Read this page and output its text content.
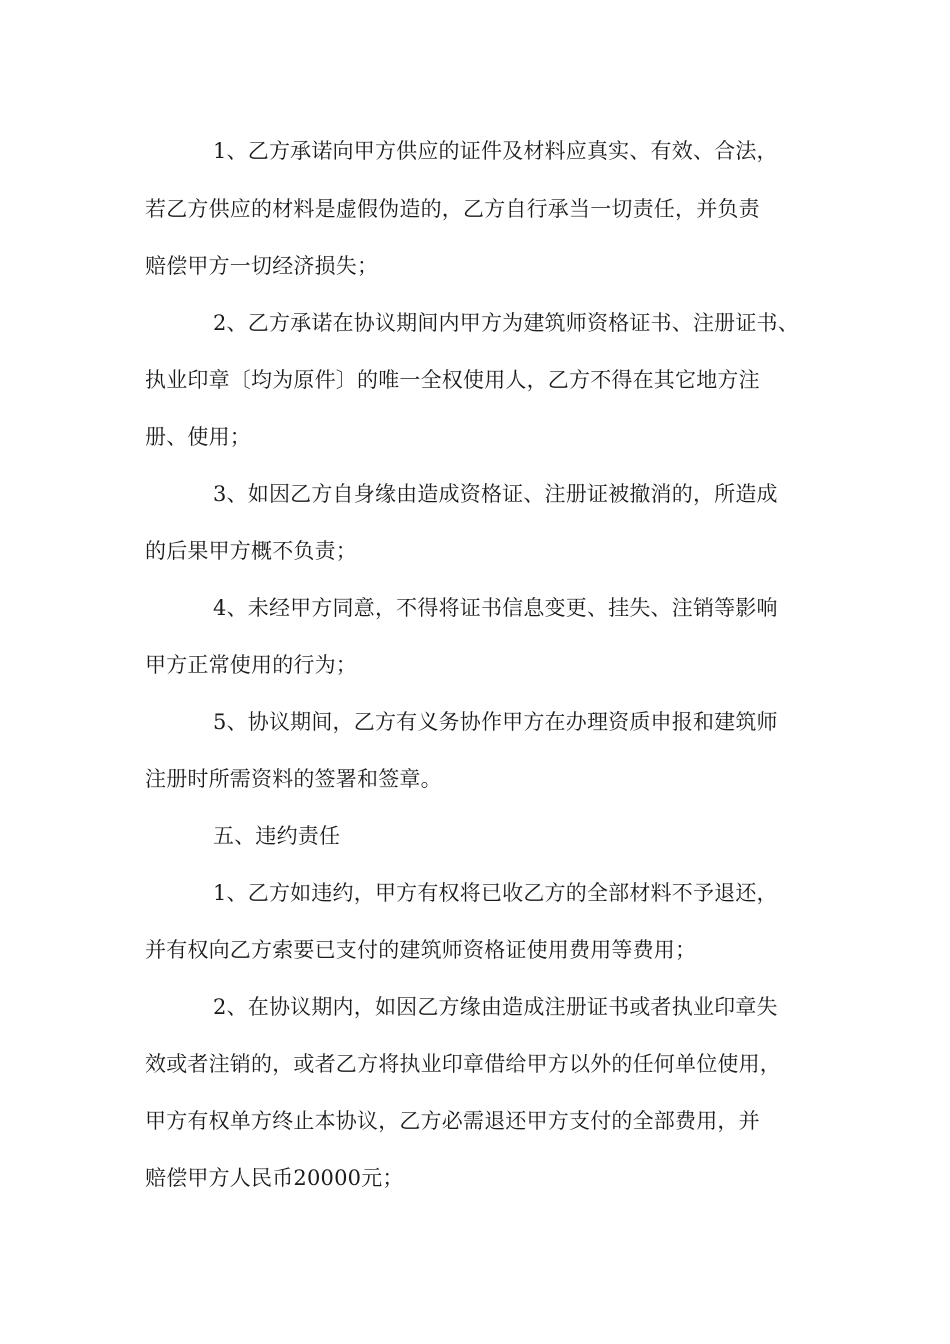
1、乙方承诺向甲方供应的证件及材料应真实、有效、合法，
若乙方供应的材料是虚假伪造的，乙方自行承当一切责任，并负责
赔偿甲方一切经济损失；
2、乙方承诺在协议期间内甲方为建筑师资格证书、注册证书、
执业印章〔均为原件〕的唯一全权使用人，乙方不得在其它地方注
册、使用；
3、如因乙方自身缘由造成资格证、注册证被撤消的，所造成
的后果甲方概不负责；
4、未经甲方同意，不得将证书信息变更、挂失、注销等影响
甲方正常使用的行为；
5、协议期间，乙方有义务协作甲方在办理资质申报和建筑师
注册时所需资料的签署和签章。
五、违约责任
1、乙方如违约，甲方有权将已收乙方的全部材料不予退还，
并有权向乙方索要已支付的建筑师资格证使用费用等费用；
2、在协议期内，如因乙方缘由造成注册证书或者执业印章失
效或者注销的，或者乙方将执业印章借给甲方以外的任何单位使用，
甲方有权单方终止本协议，乙方必需退还甲方支付的全部费用，并
赔偿甲方人民币20000元；
